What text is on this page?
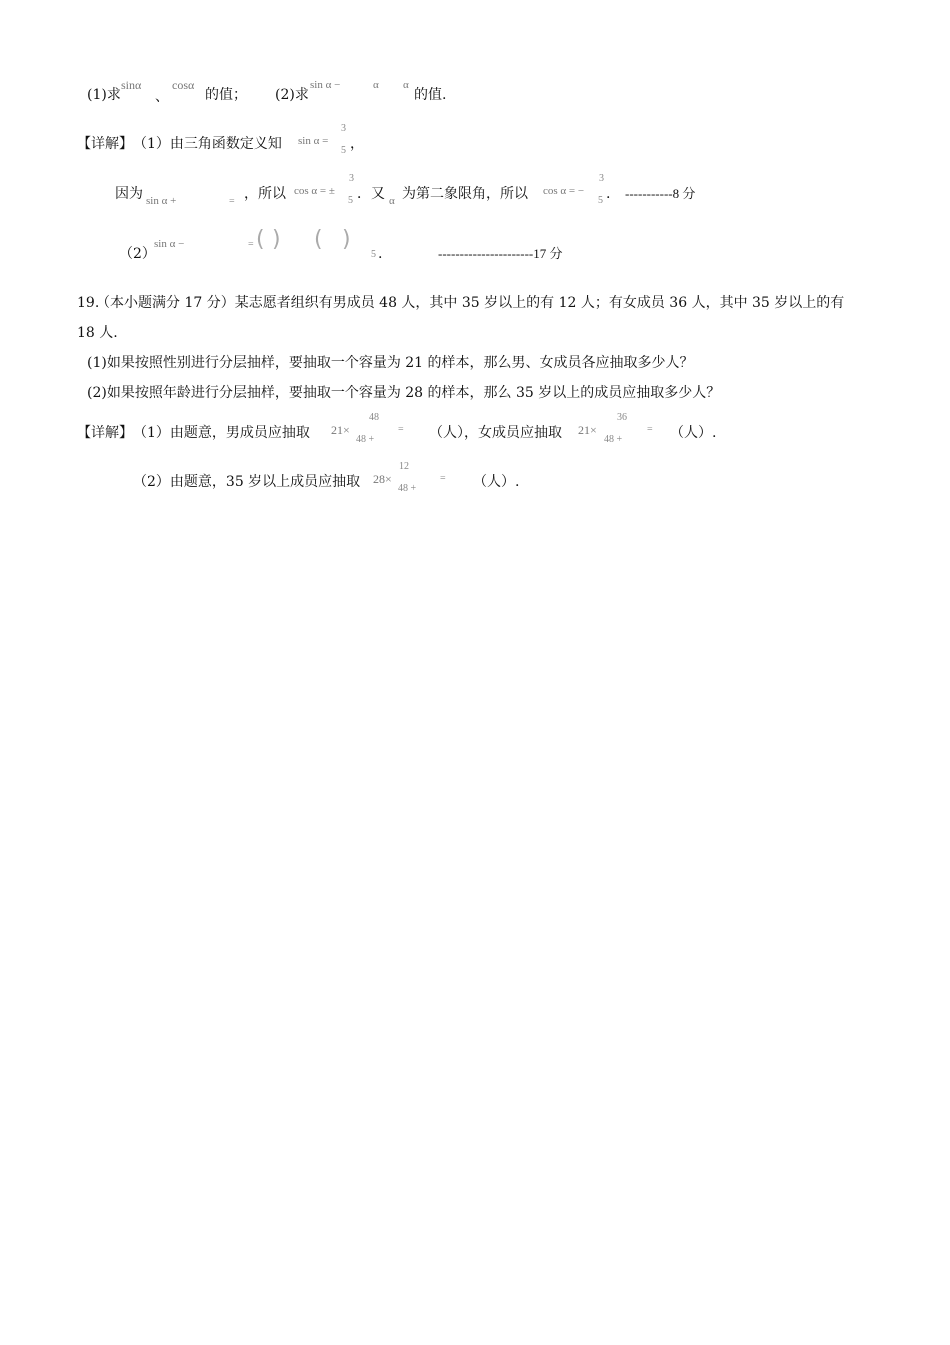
(1)求
sinα
、
cosα
的值； (2)求
sin α −	α α
的值.
【详解】 （1）由三角函数定义知 sin α =
3
5 ，
因为 sin α +	= ，所以 cos α = ±
3
5 ．又 α 为第二象限角，所以 cos α = −
3
5 . -----------8 分
（2）
sin α −	= ( ) ( )
5 .	----------------------17 分
19.
（本小题满分 17 分）某志愿者组织有男成员 48 人，其中 35 岁以上的有 12 人；有女成员 36 人，其中 35 岁以上的有
18 人.
(1)如果按照性别进行分层抽样，要抽取一个容量为 21 的样本，那么男、女成员各应抽取多少人？
(2)如果按照年龄进行分层抽样，要抽取一个容量为 28 的样本，那么 35 岁以上的成员应抽取多少人？
【详解】 （1）由题意，男成员应抽取 21×
48
48 +
= （人），女成员应抽取 21×
36
48 +
= （人）.
（2）由题意，35 岁以上成员应抽取 28×
12
48 +
= （人）.
